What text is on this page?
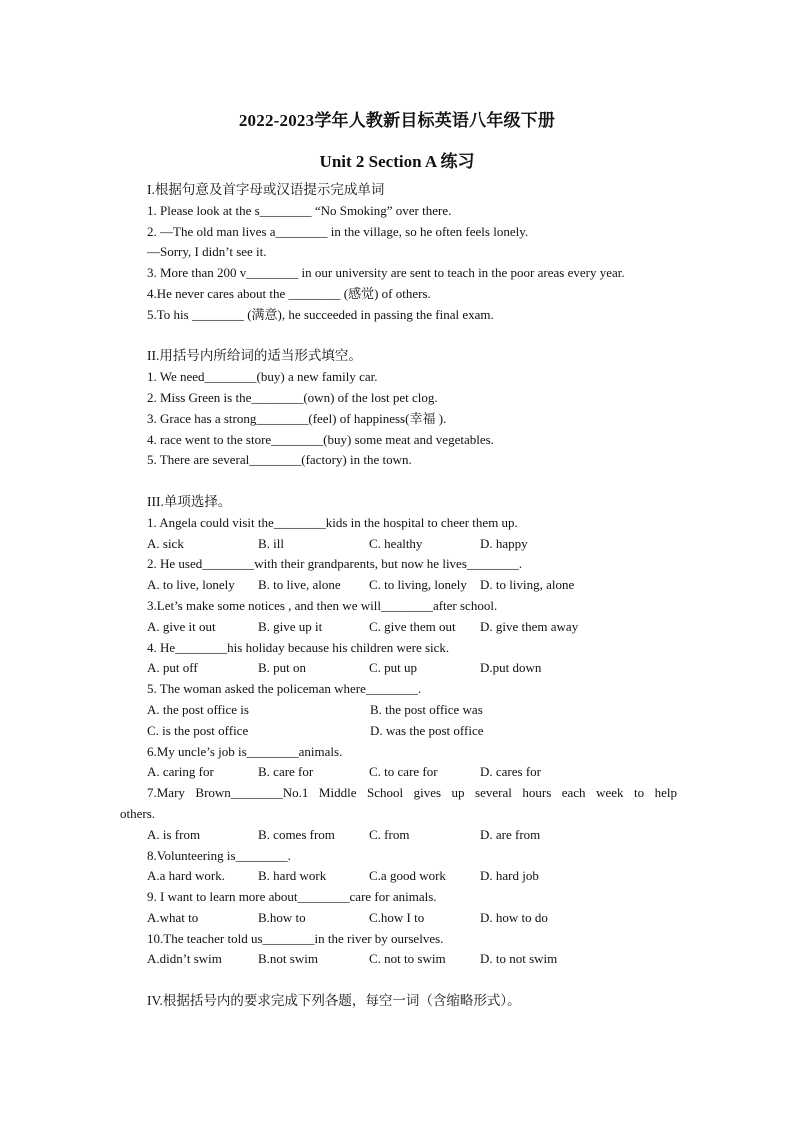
2022-2023学年人教新目标英语八年级下册
Unit 2 Section A 练习
I.根据句意及首字母或汉语提示完成单词
1. Please look at the s________ “No Smoking” over there.
2. —The old man lives a________ in the village, so he often feels lonely.
—Sorry, I didn’t see it.
3. More than 200 v________ in our university are sent to teach in the poor areas every year.
4.He never cares about the ________ (感觉) of others.
5.To his ________ (满意), he succeeded in passing the final exam.
II.用括号内所给词的适当形式填空。
1. We need________(buy) a new family car.
2. Miss Green is the________(own) of the lost pet clog.
3. Grace has a strong________(feel) of happiness(幸福 ).
4. race went to the store________(buy) some meat and vegetables.
5. There are several________(factory) in the town.
III.单项选择。
1. Angela could visit the________kids in the hospital to cheer them up.
A. sick	B. ill	C. healthy	D. happy
2. He used________with their grandparents, but now he lives________.
A. to live, lonely	B. to live, alone	C. to living, lonely	D. to living, alone
3.Let’s make some notices , and then we will________after school.
A. give it out	B. give up it	C. give them out	D. give them away
4. He________his holiday because his children were sick.
A. put off	B. put on	C. put up	D.put down
5. The woman asked the policeman where________.
A. the post office is	B. the post office was
C. is the post office	D. was the post office
6.My uncle’s job is________animals.
A. caring for	B. care for	C. to care for	D. cares for
7.Mary Brown________No.1 Middle School gives up several hours each week to help
others.
A. is from	B. comes from	C. from	D. are from
8.Volunteering is________.
A.a hard work.	B. hard work	C.a good work	D. hard job
9. I want to learn more about________care for animals.
A.what to	B.how to	C.how I to	D. how to do
10.The teacher told us________in the river by ourselves.
A.didn’t swim	B.not swim	C. not to swim	D. to not swim
IV.根据括号内的要求完成下列各题，每空一词（含缩略形式）。
